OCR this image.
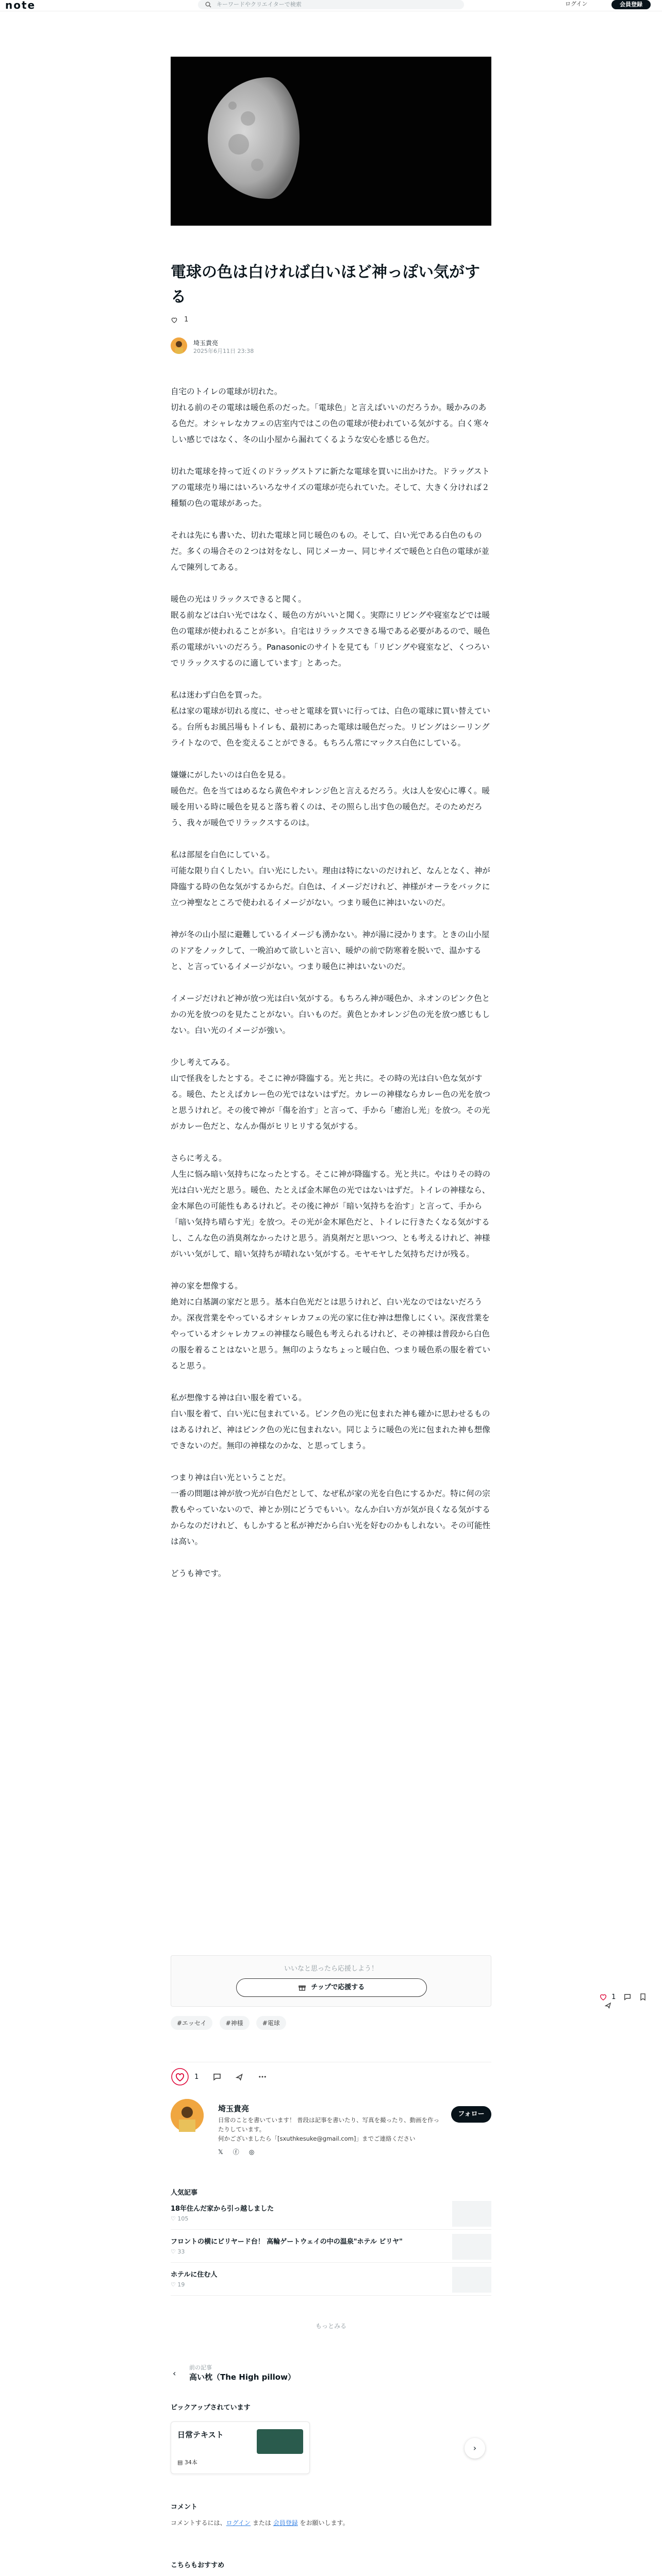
note	キーワードやクリエイターで検索	ログイン	会員登録
電球の色は白ければ白いほど神っぽい気がする
1
埼玉貴亮
2025年6月11日 23:38

自宅のトイレの電球が切れた。
切れる前のその電球は暖色系のだった。「電球色」と言えばいいのだろうか。暖かみのある色だ。オシャレなカフェの店室内ではこの色の電球が使われている気がする。白く寒々しい感じではなく、冬の山小屋から漏れてくるような安心を感じる色だ。

切れた電球を持って近くのドラッグストアに新たな電球を買いに出かけた。ドラッグストアの電球売り場にはいろいろなサイズの電球が売られていた。そして、大きく分ければ２種類の色の電球があった。

それは先にも書いた、切れた電球と同じ暖色のもの。そして、白い光である白色のものだ。多くの場合その２つは対をなし、同じメーカー、同じサイズで暖色と白色の電球が並んで陳列してある。

暖色の光はリラックスできると聞く。
眠る前などは白い光ではなく、暖色の方がいいと聞く。実際にリビングや寝室などでは暖色の電球が使われることが多い。自宅はリラックスできる場である必要があるので、暖色系の電球がいいのだろう。Panasonicのサイトを見ても「リビングや寝室など、くつろいでリラックスするのに適しています」とあった。

私は迷わず白色を買った。
私は家の電球が切れる度に、せっせと電球を買いに行っては、白色の電球に買い替えている。台所もお風呂場もトイレも、最初にあった電球は暖色だった。リビングはシーリングライトなので、色を変えることができる。もちろん常にマックス白色にしている。

嫌嫌にがしたいのは白色を見る。
暖色だ。色を当てはめるなら黄色やオレンジ色と言えるだろう。火は人を安心に導く。暖暖を用いる時に暖色を見ると落ち着くのは、その照らし出す色の暖色だ。そのためだろう、我々が暖色でリラックスするのは。

私は部屋を白色にしている。
可能な限り白くしたい。白い光にしたい。理由は特にないのだけれど、なんとなく、神が降臨する時の色な気がするからだ。白色は、イメージだけれど、神様がオーラをバックに立つ神聖なところで使われるイメージがない。つまり暖色に神はいないのだ。

神が冬の山小屋に避難しているイメージも湧かない。神が湯に浸かります。ときの山小屋のドアをノックして、一晩泊めて欲しいと言い、暖炉の前で防寒着を脱いで、温かすると、と言っているイメージがない。つまり暖色に神はいないのだ。

イメージだけれど神が放つ光は白い気がする。もちろん神が暖色か、ネオンのピンク色とかの光を放つのを見たことがない。白いものだ。黄色とかオレンジ色の光を放つ感じもしない。白い光のイメージが強い。

少し考えてみる。
山で怪我をしたとする。そこに神が降臨する。光と共に。その時の光は白い色な気がする。暖色、たとえばカレー色の光ではないはずだ。カレーの神様ならカレー色の光を放つと思うけれど。その後で神が「傷を治す」と言って、手から「癒治し光」を放つ。その光がカレー色だと、なんか傷がヒリヒリする気がする。

さらに考える。
人生に悩み暗い気持ちになったとする。そこに神が降臨する。光と共に。やはりその時の光は白い光だと思う。暖色、たとえば金木犀色の光ではないはずだ。トイレの神様なら、金木犀色の可能性もあるけれど。その後に神が「暗い気持ちを治す」と言って、手から「暗い気持ち晴らす光」を放つ。その光が金木犀色だと、トイレに行きたくなる気がするし、こんな色の消臭剤なかったけと思う。消臭剤だと思いつつ、とも考えるけれど、神様がいい気がして、暗い気持ちが晴れない気がする。モヤモヤした気持ちだけが残る。

神の家を想像する。
絶対に白基調の家だと思う。基本白色光だとは思うけれど、白い光なのではないだろうか。深夜営業をやっているオシャレカフェの光の家に住む神は想像しにくい。深夜営業をやっているオシャレカフェの神様なら暖色も考えられるけれど、その神様は普段から白色の服を着ることはないと思う。無印のようなちょっと暖白色、つまり暖色系の服を着ていると思う。

私が想像する神は白い服を着ている。
白い服を着て、白い光に包まれている。ピンク色の光に包まれた神も確かに思わせるものはあるけれど、神はピンク色の光に包まれない。同じように暖色の光に包まれた神も想像できないのだ。無印の神様なのかな、と思ってしまう。

つまり神は白い光ということだ。
一番の問題は神が放つ光が白色だとして、なぜ私が家の光を白色にするかだ。特に何の宗教もやっていないので、神とか別にどうでもいい。なんか白い方が気が良くなる気がするからなのだけれど、もしかすると私が神だから白い光を好むのかもしれない。その可能性は高い。

どうも神です。

いいなと思ったら応援しよう！
チップで応援する
#エッセイ	#神様	#電球
1
1
埼玉貴亮
日常のことを書いています！ 普段は記事を書いたり、写真を撮ったり、動画を作ったりしています。
何かございましたら「[sxuthkesuke@gmail.com]」までご連絡ください
フォロー
𝕏 ⓕ ◎
人気記事
18年住んだ家から引っ越しました
♡ 105
フロントの横にビリヤード台！ 高輪ゲートウェイの中の温泉"ホテル ビリヤ"
♡ 33
ホテルに住む人
♡ 19
もっとみる
‹
前の記事
高い枕（The High pillow）
ピックアップされています
日常テキスト
▤ 34本
›
コメント
コメントするには、ログイン または 会員登録 をお願いします。
こちらもおすすめ
